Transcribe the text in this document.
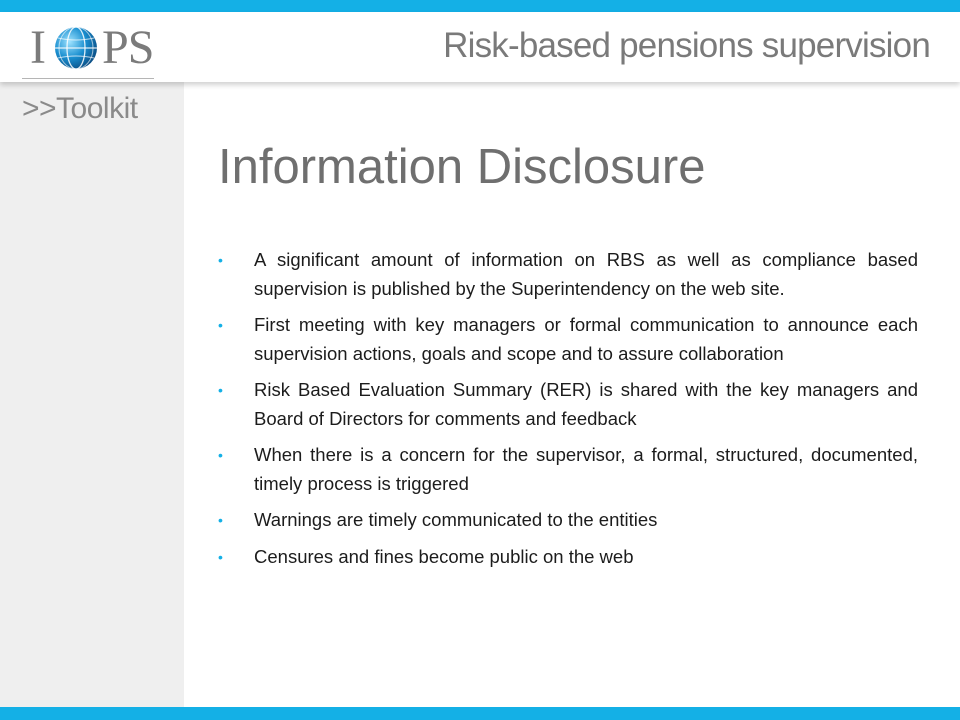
I PS	Risk-based pensions supervision
>>Toolkit
Information Disclosure
• A significant amount of information on RBS as well as compliance based supervision is published by the Superintendency on the web site.
• First meeting with key managers or formal communication to announce each supervision actions, goals and scope and to assure collaboration
• Risk Based Evaluation Summary (RER) is shared with the key managers and Board of Directors for comments and feedback
• When there is a concern for the supervisor, a formal, structured, documented, timely process is triggered
• Warnings are timely communicated to the entities
• Censures and fines become public on the web
